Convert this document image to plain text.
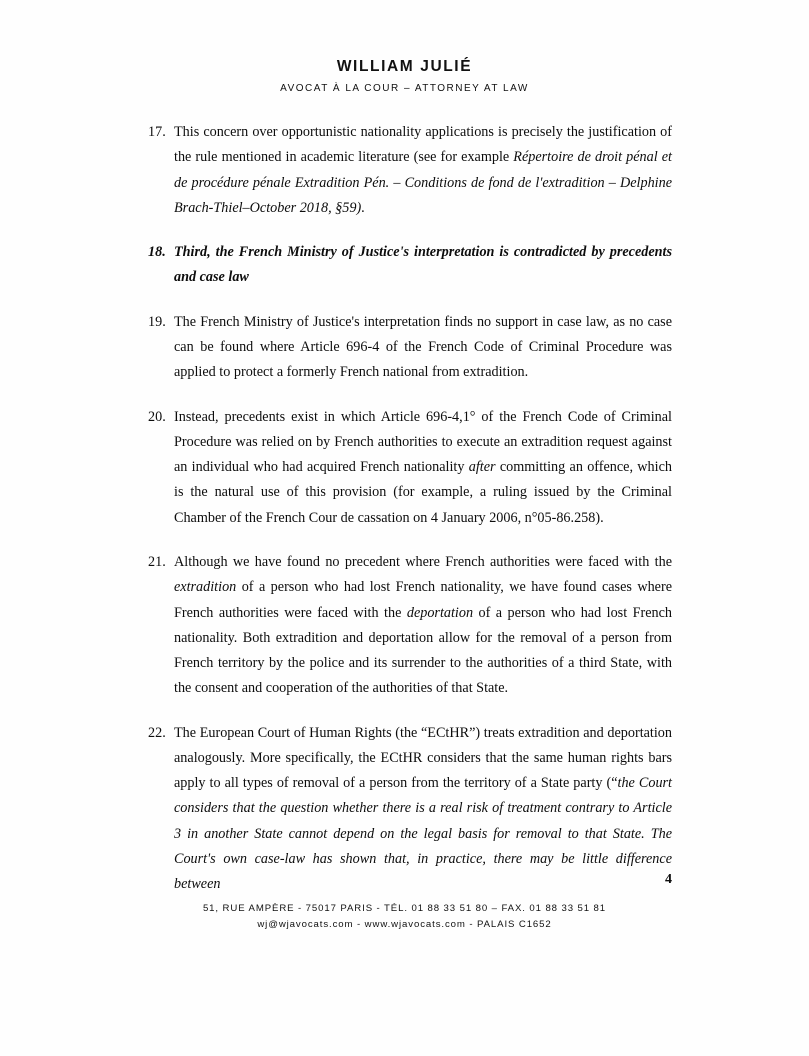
WILLIAM JULIÉ
AVOCAT À LA COUR – ATTORNEY AT LAW
17. This concern over opportunistic nationality applications is precisely the justification of the rule mentioned in academic literature (see for example Répertoire de droit pénal et de procédure pénale Extradition Pén. – Conditions de fond de l'extradition – Delphine Brach-Thiel–October 2018, §59).
18. Third, the French Ministry of Justice's interpretation is contradicted by precedents and case law
19. The French Ministry of Justice's interpretation finds no support in case law, as no case can be found where Article 696-4 of the French Code of Criminal Procedure was applied to protect a formerly French national from extradition.
20. Instead, precedents exist in which Article 696-4,1° of the French Code of Criminal Procedure was relied on by French authorities to execute an extradition request against an individual who had acquired French nationality after committing an offence, which is the natural use of this provision (for example, a ruling issued by the Criminal Chamber of the French Cour de cassation on 4 January 2006, n°05-86.258).
21. Although we have found no precedent where French authorities were faced with the extradition of a person who had lost French nationality, we have found cases where French authorities were faced with the deportation of a person who had lost French nationality. Both extradition and deportation allow for the removal of a person from French territory by the police and its surrender to the authorities of a third State, with the consent and cooperation of the authorities of that State.
22. The European Court of Human Rights (the “ECtHR”) treats extradition and deportation analogously. More specifically, the ECtHR considers that the same human rights bars apply to all types of removal of a person from the territory of a State party (“the Court considers that the question whether there is a real risk of treatment contrary to Article 3 in another State cannot depend on the legal basis for removal to that State. The Court's own case-law has shown that, in practice, there may be little difference between	4
51, RUE AMPÈRE - 75017 PARIS - TÉL. 01 88 33 51 80 – FAX. 01 88 33 51 81
wj@wjavocats.com - www.wjavocats.com - PALAIS C1652
